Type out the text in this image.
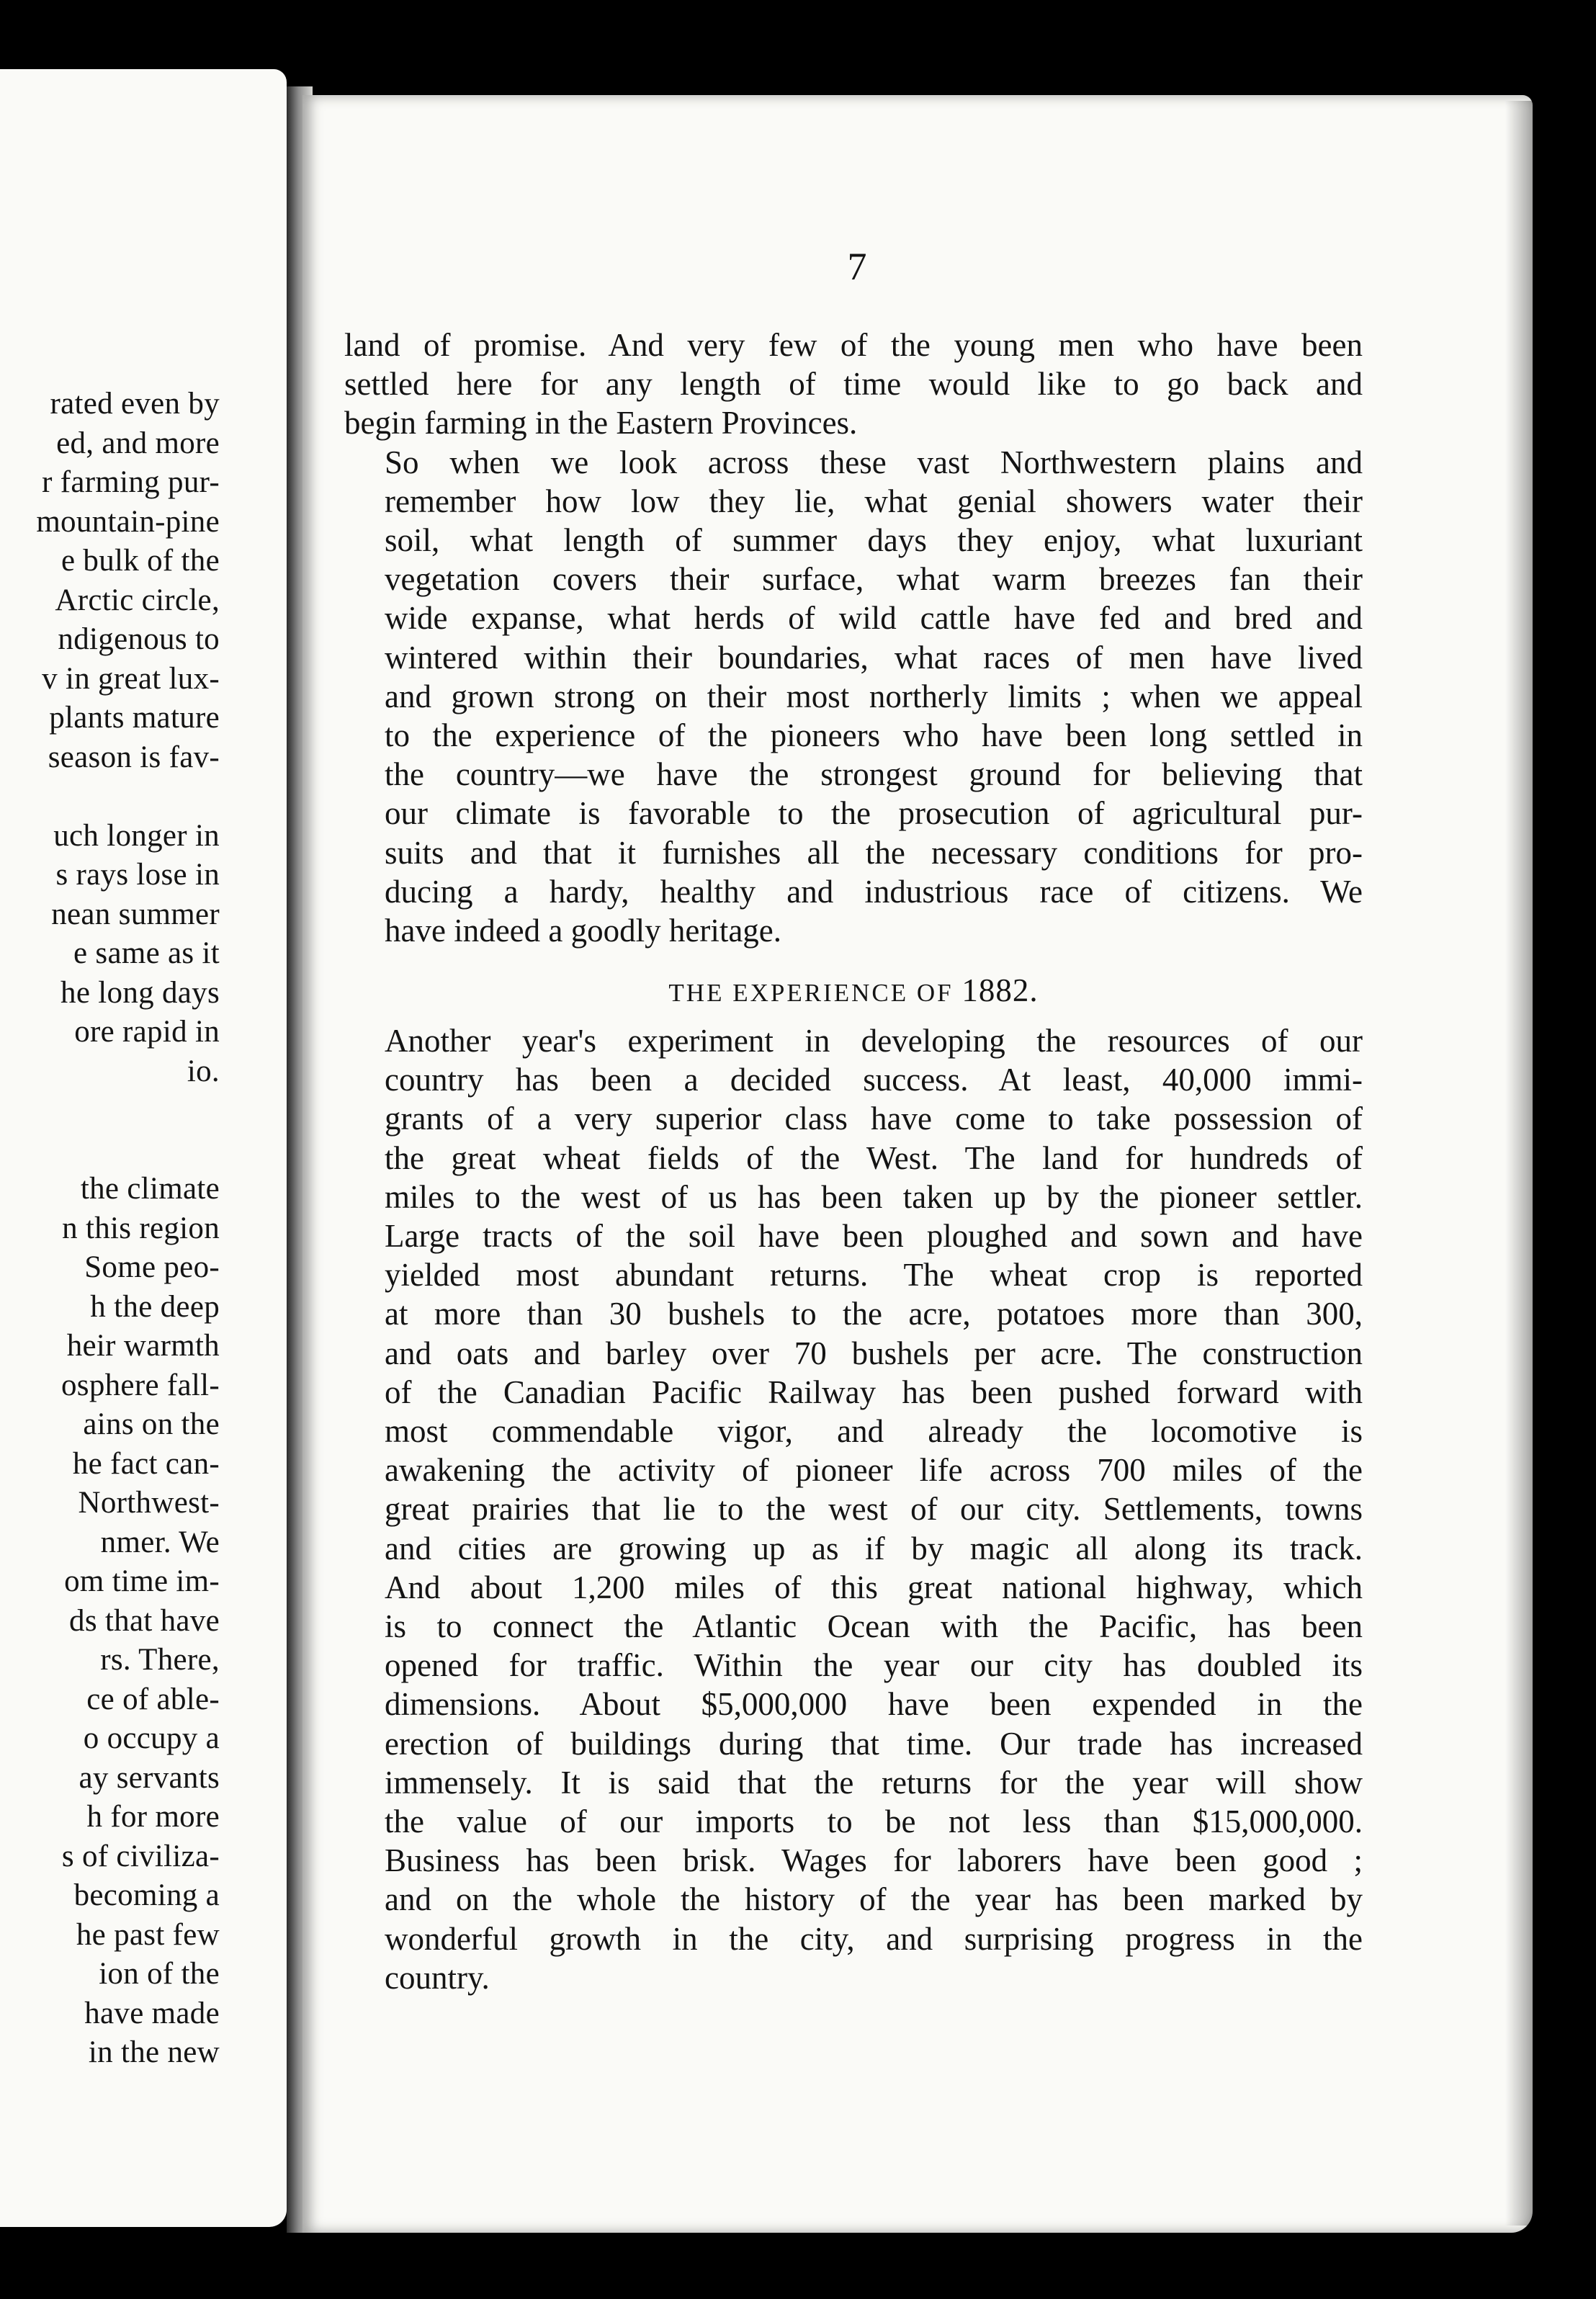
rated even by
ed, and more
r farming pur-
mountain-pine
e bulk of the
Arctic circle,
ndigenous to
v in great lux-
plants mature
season is fav-
uch longer in
s rays lose in
nean summer
e same as it
he long days
ore rapid in
io.
the climate
n this region
Some peo-
h the deep
heir warmth
osphere fall-
ains on the
he fact can-
Northwest-
nmer. We
om time im-
ds that have
rs. There,
ce of able-
o occupy a
ay servants
h for more
s of civiliza-
becoming a
he past few
ion of the
have made
in the new
7

land of promise. And very few of the young men who have been
settled here for any length of time would like to go back and
begin farming in the Eastern Provinces.

So when we look across these vast Northwestern plains and
remember how low they lie, what genial showers water their
soil, what length of summer days they enjoy, what luxuriant
vegetation covers their surface, what warm breezes fan their
wide expanse, what herds of wild cattle have fed and bred and
wintered within their boundaries, what races of men have lived
and grown strong on their most northerly limits ; when we appeal
to the experience of the pioneers who have been long settled in
the country—we have the strongest ground for believing that
our climate is favorable to the prosecution of agricultural pur-
suits and that it furnishes all the necessary conditions for pro-
ducing a hardy, healthy and industrious race of citizens. We
have indeed a goodly heritage.

THE EXPERIENCE OF 1882.

Another year's experiment in developing the resources of our
country has been a decided success. At least, 40,000 immi-
grants of a very superior class have come to take possession of
the great wheat fields of the West. The land for hundreds of
miles to the west of us has been taken up by the pioneer settler.
Large tracts of the soil have been ploughed and sown and have
yielded most abundant returns. The wheat crop is reported
at more than 30 bushels to the acre, potatoes more than 300,
and oats and barley over 70 bushels per acre. The construction
of the Canadian Pacific Railway has been pushed forward with
most commendable vigor, and already the locomotive is
awakening the activity of pioneer life across 700 miles of the
great prairies that lie to the west of our city. Settlements, towns
and cities are growing up as if by magic all along its track.
And about 1,200 miles of this great national highway, which
is to connect the Atlantic Ocean with the Pacific, has been
opened for traffic. Within the year our city has doubled its
dimensions. About $5,000,000 have been expended in the
erection of buildings during that time. Our trade has increased
immensely. It is said that the returns for the year will show
the value of our imports to be not less than $15,000,000.
Business has been brisk. Wages for laborers have been good ;
and on the whole the history of the year has been marked by
wonderful growth in the city, and surprising progress in the
country.
